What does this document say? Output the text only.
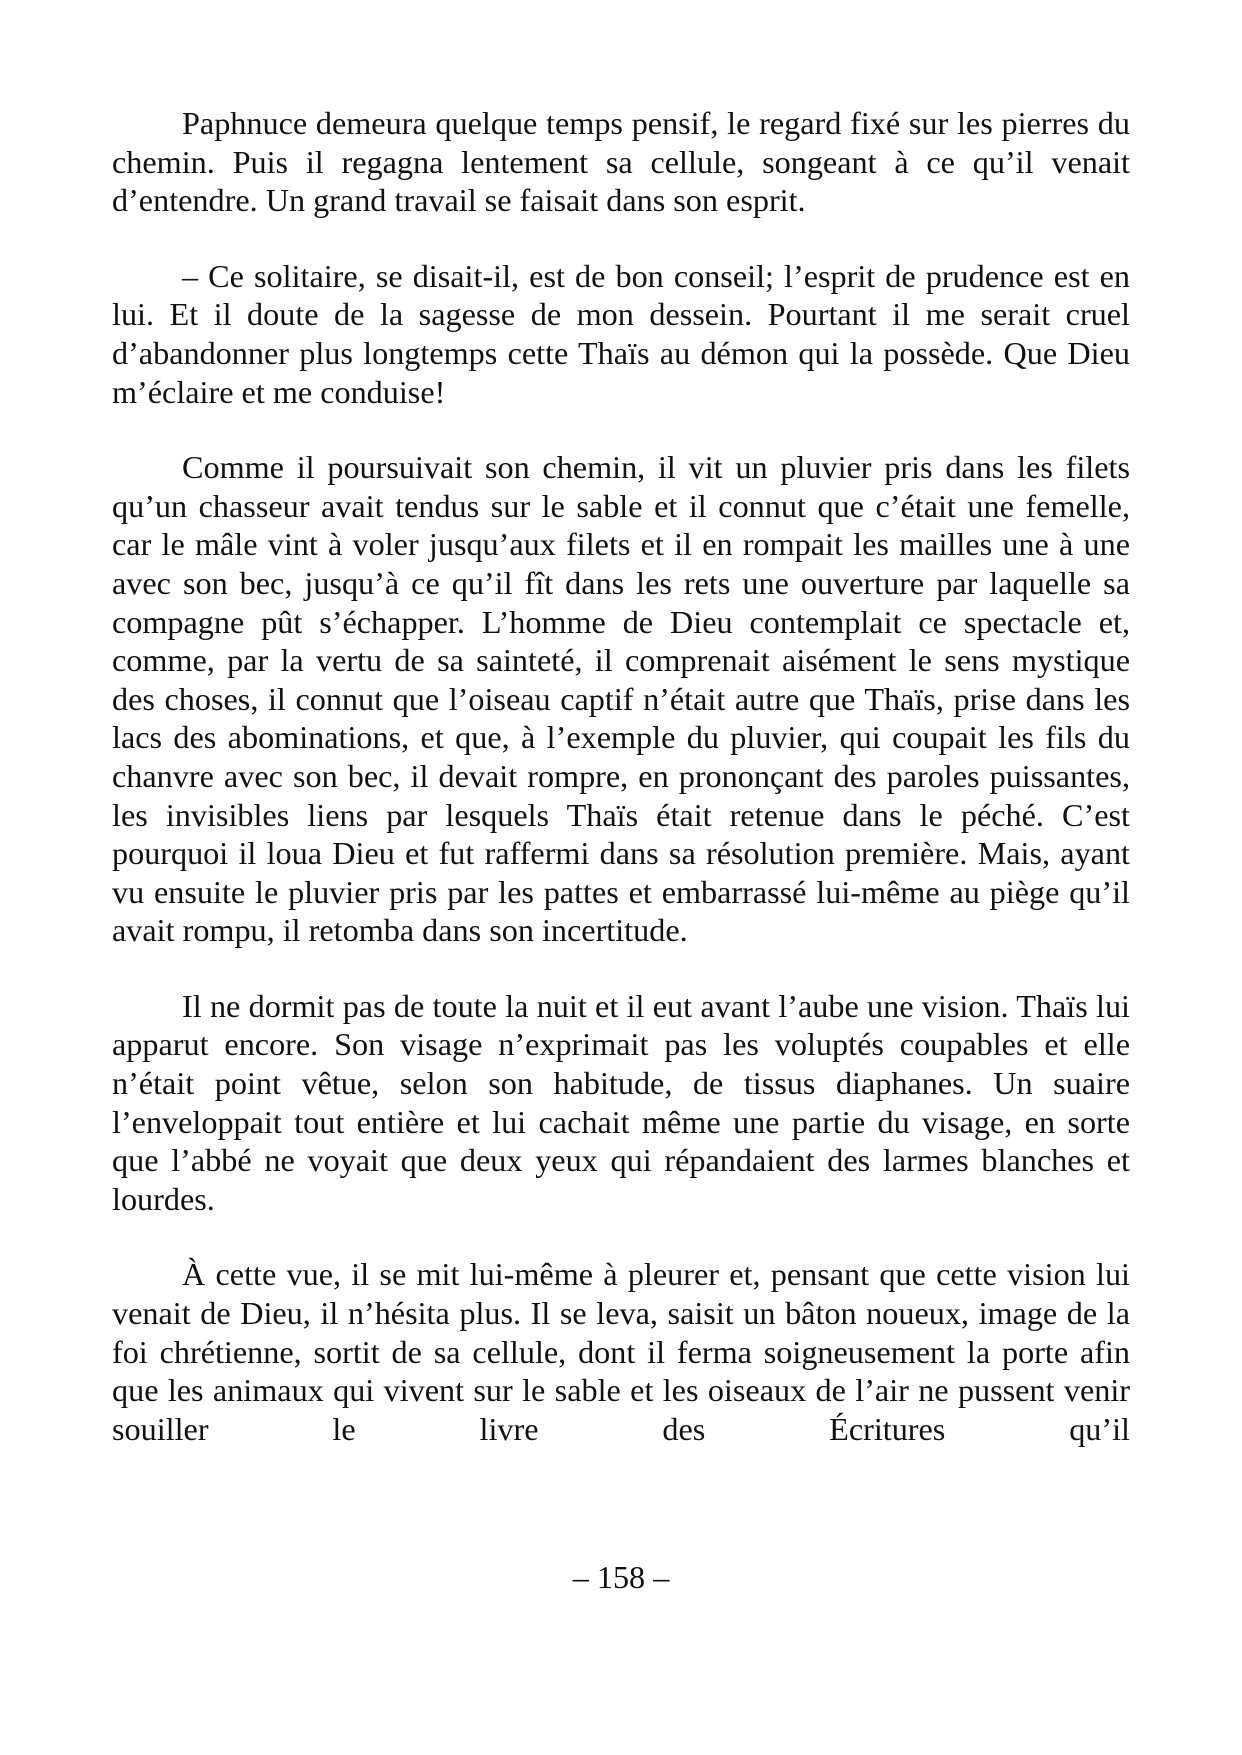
Paphnuce demeura quelque temps pensif, le regard fixé sur les pierres du chemin. Puis il regagna lentement sa cellule, songeant à ce qu’il venait d’entendre. Un grand travail se faisait dans son esprit.

– Ce solitaire, se disait-il, est de bon conseil; l’esprit de prudence est en lui. Et il doute de la sagesse de mon dessein. Pourtant il me serait cruel d’abandonner plus longtemps cette Thaïs au démon qui la possède. Que Dieu m’éclaire et me conduise!

Comme il poursuivait son chemin, il vit un pluvier pris dans les filets qu’un chasseur avait tendus sur le sable et il connut que c’était une femelle, car le mâle vint à voler jusqu’aux filets et il en rompait les mailles une à une avec son bec, jusqu’à ce qu’il fît dans les rets une ouverture par laquelle sa compagne pût s’échapper. L’homme de Dieu contemplait ce spectacle et, comme, par la vertu de sa sainteté, il comprenait aisément le sens mystique des choses, il connut que l’oiseau captif n’était autre que Thaïs, prise dans les lacs des abominations, et que, à l’exemple du pluvier, qui coupait les fils du chanvre avec son bec, il devait rompre, en prononçant des paroles puissantes, les invisibles liens par lesquels Thaïs était retenue dans le péché. C’est pourquoi il loua Dieu et fut raffermi dans sa résolution première. Mais, ayant vu ensuite le pluvier pris par les pattes et embarrassé lui-même au piège qu’il avait rompu, il retomba dans son incertitude.

Il ne dormit pas de toute la nuit et il eut avant l’aube une vision. Thaïs lui apparut encore. Son visage n’exprimait pas les voluptés coupables et elle n’était point vêtue, selon son habitude, de tissus diaphanes. Un suaire l’enveloppait tout entière et lui cachait même une partie du visage, en sorte que l’abbé ne voyait que deux yeux qui répandaient des larmes blanches et lourdes.

À cette vue, il se mit lui-même à pleurer et, pensant que cette vision lui venait de Dieu, il n’hésita plus. Il se leva, saisit un bâton noueux, image de la foi chrétienne, sortit de sa cellule, dont il ferma soigneusement la porte afin que les animaux qui vivent sur le sable et les oiseaux de l’air ne pussent venir souiller le livre des Écritures qu’il

– 158 –
